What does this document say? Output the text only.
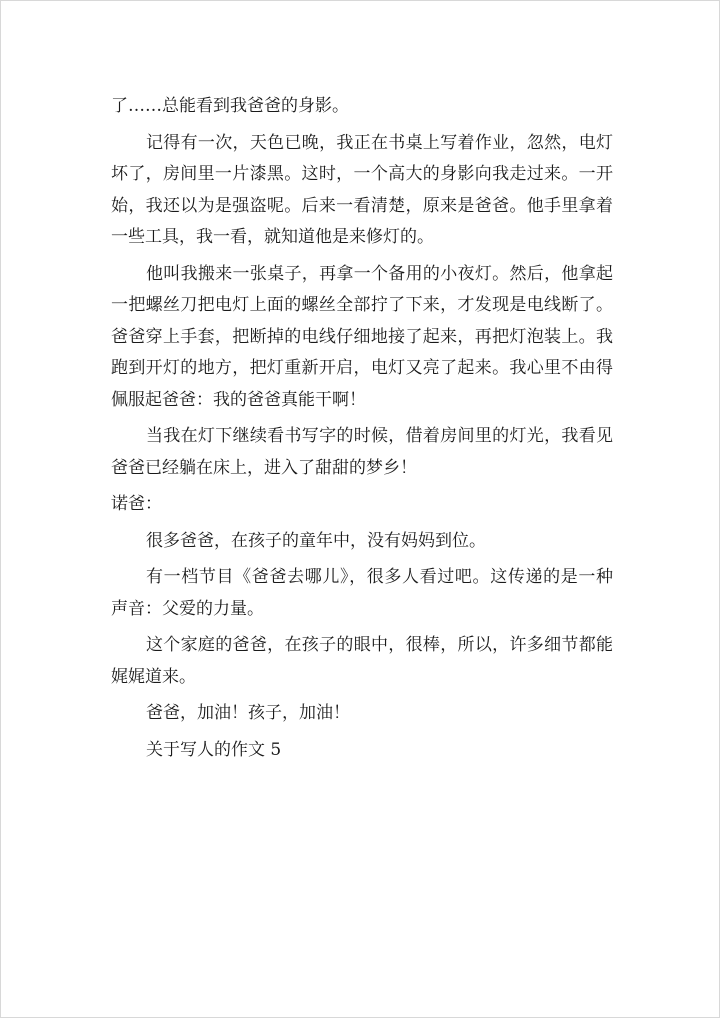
了……总能看到我爸爸的身影。

记得有一次，天色已晚，我正在书桌上写着作业，忽然，电灯坏了，房间里一片漆黑。这时，一个高大的身影向我走过来。一开始，我还以为是强盗呢。后来一看清楚，原来是爸爸。他手里拿着一些工具，我一看，就知道他是来修灯的。

他叫我搬来一张桌子，再拿一个备用的小夜灯。然后，他拿起一把螺丝刀把电灯上面的螺丝全部拧了下来，才发现是电线断了。爸爸穿上手套，把断掉的电线仔细地接了起来，再把灯泡装上。我跑到开灯的地方，把灯重新开启，电灯又亮了起来。我心里不由得佩服起爸爸：我的爸爸真能干啊！

当我在灯下继续看书写字的时候，借着房间里的灯光，我看见爸爸已经躺在床上，进入了甜甜的梦乡！

诺爸：

很多爸爸，在孩子的童年中，没有妈妈到位。

有一档节目《爸爸去哪儿》，很多人看过吧。这传递的是一种声音：父爱的力量。

这个家庭的爸爸，在孩子的眼中，很棒，所以，许多细节都能娓娓道来。

爸爸，加油！孩子，加油！

关于写人的作文 5
